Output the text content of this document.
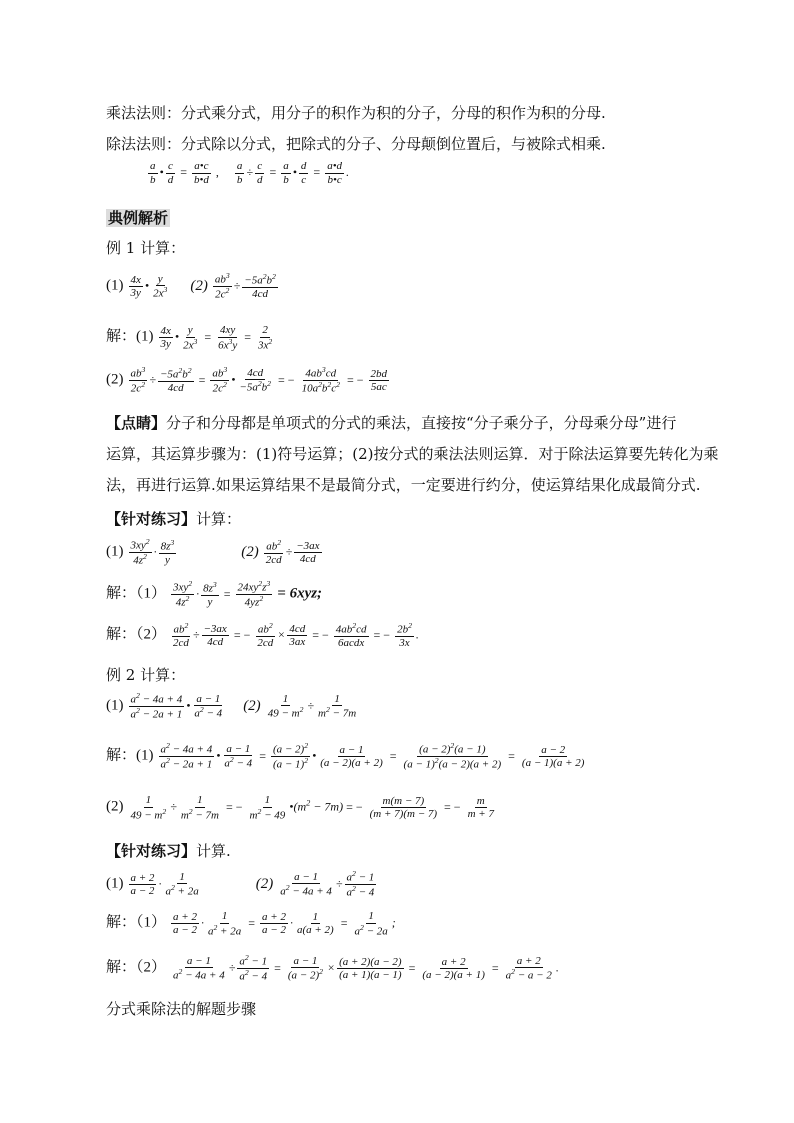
乘法法则：分式乘分式，用分子的积作为积的分子，分母的积作为积的分母.
除法法则：分式除以分式，把除式的分子、分母颠倒位置后，与被除式相乘.
$\frac{a}{b}$ • $\frac{c}{d} = \frac{a•c}{b•d}$ , $\frac{a}{b} \div \frac{c}{d} = \frac{a}{b}$ • $\frac{d}{c} = \frac{a•d}{b•c}$ .
典例解析
例 1 计算：
$(1) \frac{4x}{3y}$ • $\frac{y}{2x^3} (2) \frac{ab^3}{2c^2} \div \frac{-5a^2b^2}{4cd}$
解：$(1) \frac{4x}{3y}$ • $\frac{y}{2x^3} = \frac{4xy}{6x^3y} = \frac{2}{3x^2}$
$(2) \frac{ab^3}{2c^2} \div \frac{-5a^2b^2}{4cd} = \frac{ab^3}{2c^2}$ • $\frac{4cd}{-5a^2b^2}$ = − $\frac{4ab^3cd}{10a^2b^2c^2}$ = − $\frac{2bd}{5ac}$
【点睛】分子和分母都是单项式的分式的乘法，直接按“分子乘分子，分母乘分母”进行
运算，其运算步骤为：(1)符号运算；(2)按分式的乘法法则运算．对于除法运算要先转化为乘
法，再进行运算.如果运算结果不是最简分式，一定要进行约分，使运算结果化成最简分式.
【针对练习】计算：
$(1) \frac{3xy^2}{4z^2} \cdot \frac{8z^3}{y}$	$(2) \frac{ab^2}{2cd} \div \frac{-3ax}{4cd}$
解：$(1) \frac{3xy^2}{4z^2} \cdot \frac{8z^3}{y} = \frac{24xy^2z^3}{4yz^2} = 6xyz$;
解：$(2) \frac{ab^2}{2cd} \div \frac{-3ax}{4cd}$ = − $\frac{ab^2}{2cd} \times \frac{4cd}{3ax}$ = − $\frac{4ab^2cd}{\text{6acdx}}$ = − $\frac{2b^2}{3x}$ .
例 2 计算：
$(1) \frac{a^2 - 4a + 4}{a^2 - 2a + 1}$ • $\frac{a - 1}{a^2 - 4} (2) \frac{1}{49 - m^2} \div \frac{1}{m^2 - 7m}$
解：$(1) \frac{a^2 - 4a + 4}{a^2 - 2a + 1}$ • $\frac{a - 1}{a^2 - 4} = \frac{(a - 2)^2}{(a - 1)^2}$ • $\frac{a - 1}{(a - 2)(a + 2)} = \frac{(a - 2)^2(a - 1)}{(a - 1)^2(a - 2)(a + 2)} = \frac{a - 2}{(a - 1)(a + 2)}$
$(2) \frac{1}{49 - m^2} \div \frac{1}{m^2 - 7m}$ = − $\frac{1}{m^2 - 49}$ $•(m^2 - 7m)$ = − $\frac{m(m - 7)}{(m + 7)(m - 7)}$ = − $\frac{m}{m + 7}$
【针对练习】计算.
$(1) \frac{a + 2}{a - 2} \cdot \frac{1}{a^2 + 2a}$	$(2) \frac{a - 1}{a^2 - 4a + 4} \div \frac{a^2 - 1}{a^2 - 4}$
解：$(1) \frac{a + 2}{a - 2} \cdot \frac{1}{a^2 + 2a} = \frac{a + 2}{a - 2} \cdot \frac{1}{a(a + 2)} = \frac{1}{a^2 - 2a}$ ;
解：$(2) \frac{a - 1}{a^2 - 4a + 4} \div \frac{a^2 - 1}{a^2 - 4} = \frac{a - 1}{(a - 2)^2} \times \frac{(a + 2)(a - 2)}{(a + 1)(a - 1)} = \frac{a + 2}{(a - 2)(a + 1)} = \frac{a + 2}{a^2 - a - 2}$ .
分式乘除法的解题步骤
